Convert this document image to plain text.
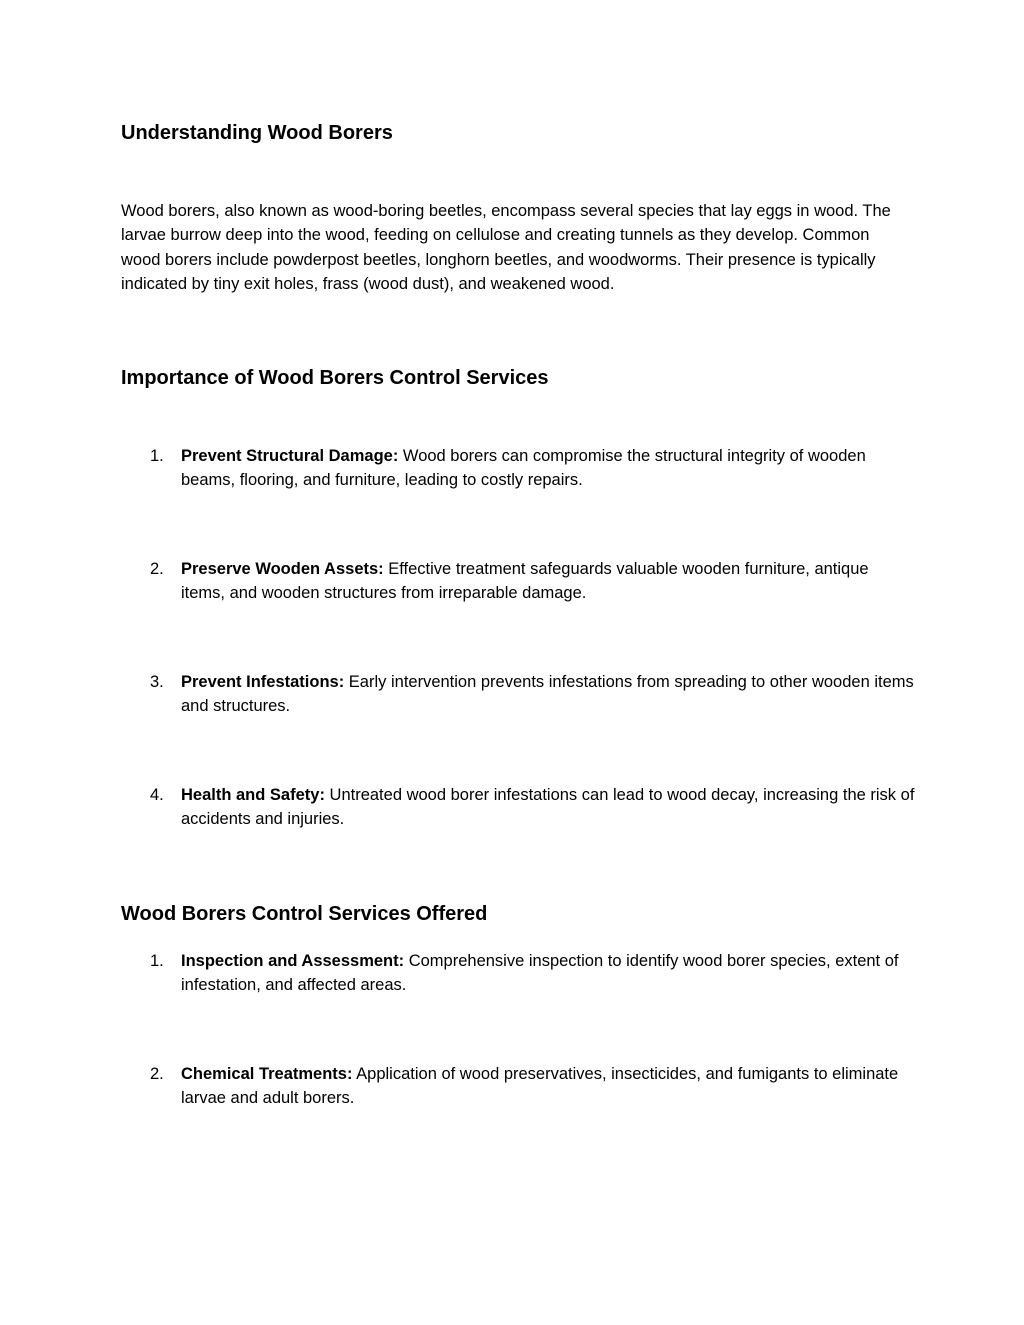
Understanding Wood Borers

Wood borers, also known as wood-boring beetles, encompass several species that lay eggs in wood. The larvae burrow deep into the wood, feeding on cellulose and creating tunnels as they develop. Common wood borers include powderpost beetles, longhorn beetles, and woodworms. Their presence is typically indicated by tiny exit holes, frass (wood dust), and weakened wood.

Importance of Wood Borers Control Services
1. Prevent Structural Damage: Wood borers can compromise the structural integrity of wooden beams, flooring, and furniture, leading to costly repairs.
2. Preserve Wooden Assets: Effective treatment safeguards valuable wooden furniture, antique items, and wooden structures from irreparable damage.
3. Prevent Infestations: Early intervention prevents infestations from spreading to other wooden items and structures.
4. Health and Safety: Untreated wood borer infestations can lead to wood decay, increasing the risk of accidents and injuries.
Wood Borers Control Services Offered
1. Inspection and Assessment: Comprehensive inspection to identify wood borer species, extent of infestation, and affected areas.
2. Chemical Treatments: Application of wood preservatives, insecticides, and fumigants to eliminate larvae and adult borers.
